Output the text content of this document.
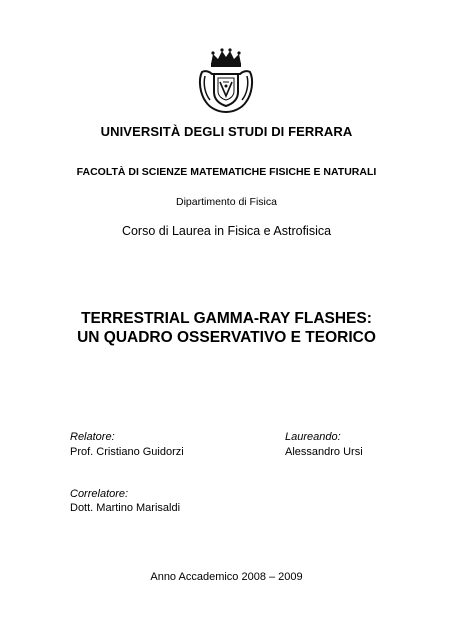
UNIVERSITÀ DEGLI STUDI DI FERRARA
FACOLTÀ DI SCIENZE MATEMATICHE FISICHE E NATURALI
Dipartimento di Fisica
Corso di Laurea in Fisica e Astrofisica
TERRESTRIAL GAMMA-RAY FLASHES:
UN QUADRO OSSERVATIVO E TEORICO
Relatore:
Prof. Cristiano Guidorzi
Laureando:
Alessandro Ursi
Correlatore:
Dott. Martino Marisaldi
Anno Accademico 2008 – 2009
